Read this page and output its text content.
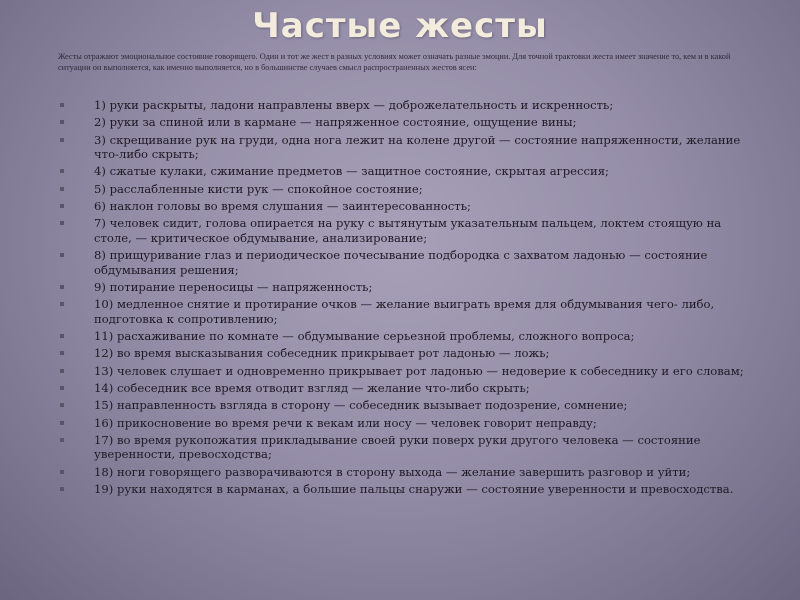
Частые жесты

Жесты отражают эмоциональное состояние говорящего. Один и тот же жест в разных условиях может означать разные эмоции. Для точной трактовки жеста имеет значение то, кем и в какой ситуации он выполняется, как именно выполняется, но в большинстве случаев смысл распространенных жестов ясен:

1) руки раскрыты, ладони направлены вверх — доброжелательность и искренность;
2) руки за спиной или в кармане — напряженное состояние, ощущение вины;
3) скрещивание рук на груди, одна нога лежит на колене другой — состояние напряженности, желание что-либо скрыть;
4) сжатые кулаки, сжимание предметов — защитное состояние, скрытая агрессия;
5) расслабленные кисти рук — спокойное состояние;
6) наклон головы во время слушания — заинтересованность;
7) человек сидит, голова опирается на руку с вытянутым указательным пальцем, локтем стоящую на столе, — критическое обдумывание, анализирование;
8) прищуривание глаз и периодическое почесывание подбородка с захватом ладонью — состояние обдумывания решения;
9) потирание переносицы — напряженность;
10) медленное снятие и протирание очков — желание выиграть время для обдумывания чего- либо, подготовка к сопротивлению;
11) расхаживание по комнате — обдумывание серьезной проблемы, сложного вопроса;
12) во время высказывания собеседник прикрывает рот ладонью — ложь;
13) человек слушает и одновременно прикрывает рот ладонью — недоверие к собеседнику и его словам;
14) собеседник все время отводит взгляд — желание что-либо скрыть;
15) направленность взгляда в сторону — собеседник вызывает подозрение, сомнение;
16) прикосновение во время речи к векам или носу — человек говорит неправду;
17) во время рукопожатия прикладывание своей руки поверх руки другого человека — состояние уверенности, превосходства;
18) ноги говорящего разворачиваются в сторону выхода — желание завершить разговор и уйти;
19) руки находятся в карманах, а большие пальцы снаружи — состояние уверенности и превосходства.
